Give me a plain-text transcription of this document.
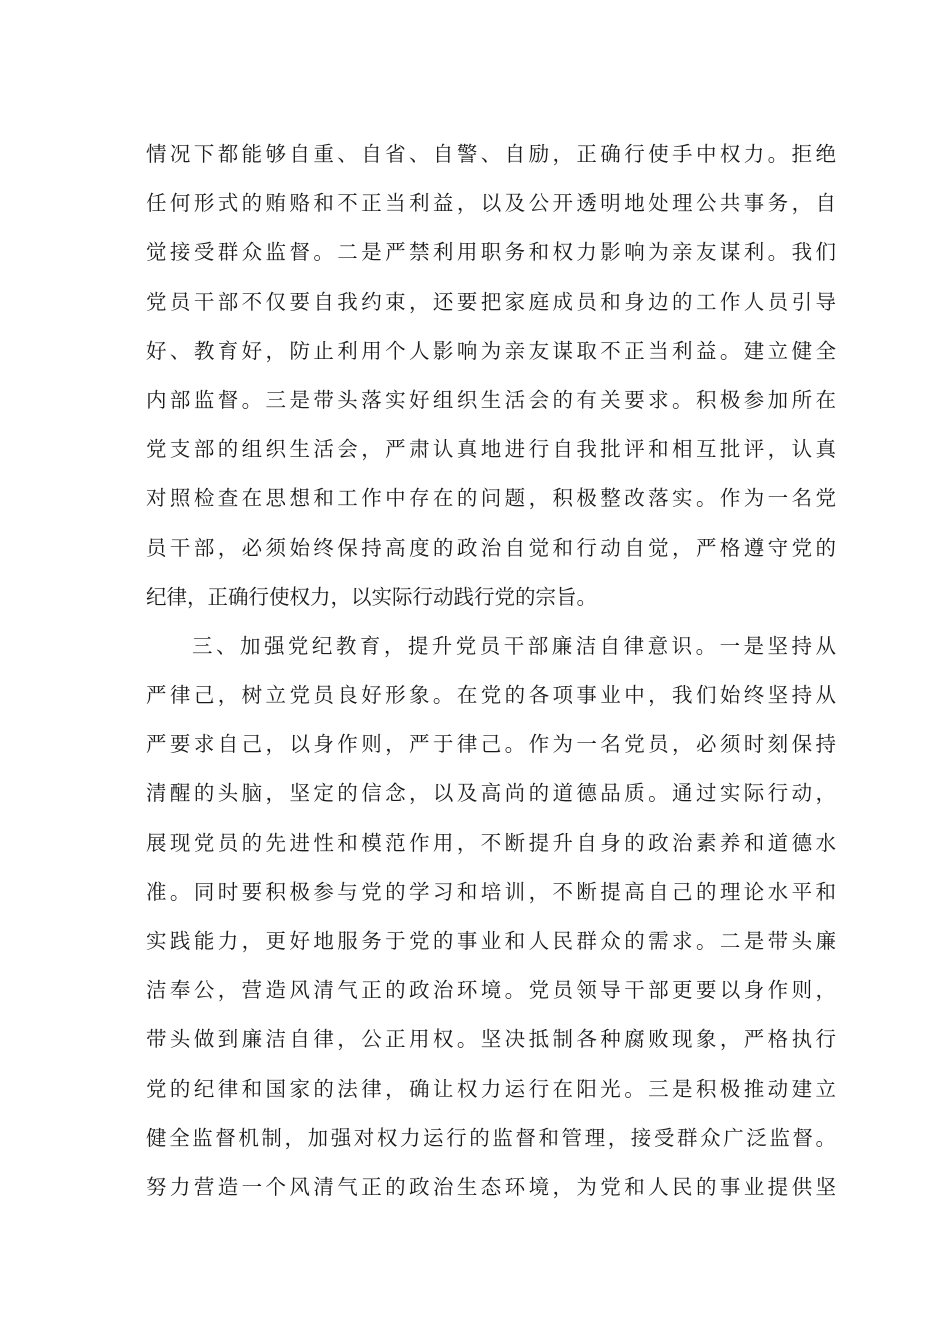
情况下都能够自重、自省、自警、自励，正确行使手中权力。拒绝
任何形式的贿赂和不正当利益，以及公开透明地处理公共事务，自
觉接受群众监督。二是严禁利用职务和权力影响为亲友谋利。我们
党员干部不仅要自我约束，还要把家庭成员和身边的工作人员引导
好、教育好，防止利用个人影响为亲友谋取不正当利益。建立健全
内部监督。三是带头落实好组织生活会的有关要求。积极参加所在
党支部的组织生活会，严肃认真地进行自我批评和相互批评，认真
对照检查在思想和工作中存在的问题，积极整改落实。作为一名党
员干部，必须始终保持高度的政治自觉和行动自觉，严格遵守党的
纪律，正确行使权力，以实际行动践行党的宗旨。
三、加强党纪教育，提升党员干部廉洁自律意识。一是坚持从
严律己，树立党员良好形象。在党的各项事业中，我们始终坚持从
严要求自己，以身作则，严于律己。作为一名党员，必须时刻保持
清醒的头脑，坚定的信念，以及高尚的道德品质。通过实际行动，
展现党员的先进性和模范作用，不断提升自身的政治素养和道德水
准。同时要积极参与党的学习和培训，不断提高自己的理论水平和
实践能力，更好地服务于党的事业和人民群众的需求。二是带头廉
洁奉公，营造风清气正的政治环境。党员领导干部更要以身作则，
带头做到廉洁自律，公正用权。坚决抵制各种腐败现象，严格执行
党的纪律和国家的法律，确让权力运行在阳光。三是积极推动建立
健全监督机制，加强对权力运行的监督和管理，接受群众广泛监督。
努力营造一个风清气正的政治生态环境，为党和人民的事业提供坚
